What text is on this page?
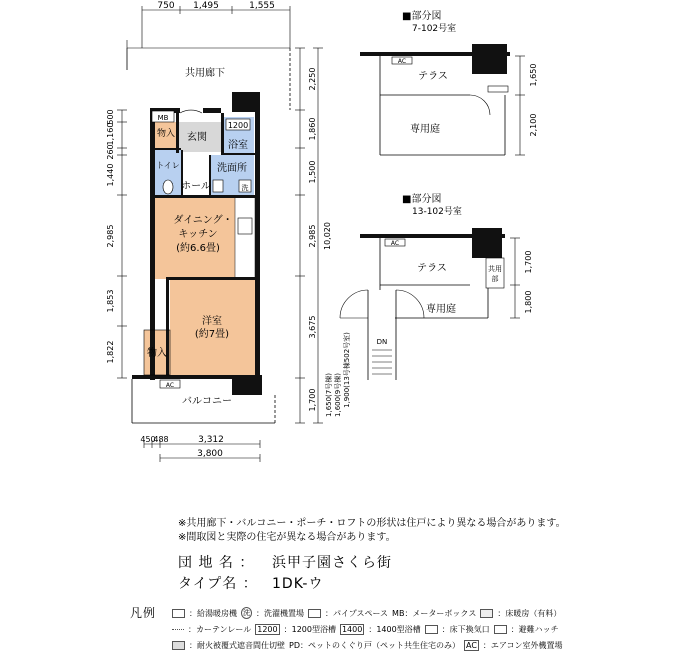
750 1,495	1,555
共用廊下
500
1,160
260
1,440
2,985
1,853
1,822
2,250
1,860
1,500
2,985
3,675
1,700
10,020
1,650(7号棟) 1,600(9号棟) 1,900(13号棟502号室)
MB
物入 玄関
1200
浴室
トイレ	洗面所
洗
ホール
ダイニング・
キッチン
(約6.6畳)
洋室
(約7畳)
物入
AC
バルコニー
450
488	3,312
3,800
■部分図
7-102号室
AC
テラス
専用庭
1,650
2,100
■部分図
13-102号室
AC
テラス
専用庭
共用
部
DN
1,700
1,800
※共用廊下・バルコニー・ポーチ・ロフトの形状は住戸により異なる場合があります。
※間取図と実際の住宅が異なる場合があります。
団 地 名 ： 浜甲子園さくら街
タイプ名 ： 1DK-ウ
凡例	：給湯暖房機 洗 ：洗濯機置場	：パイプスペース MB：メーターボックス	：床暖房（有料）
：カーテンレール 1200 ：1200型浴槽 1400 ：1400型浴槽	：床下換気口	：避難ハッチ
：耐火被覆式遮音間仕切壁 PD：ペットのくぐり戸（ペット共生住宅のみ） AC ：エアコン室外機置場
